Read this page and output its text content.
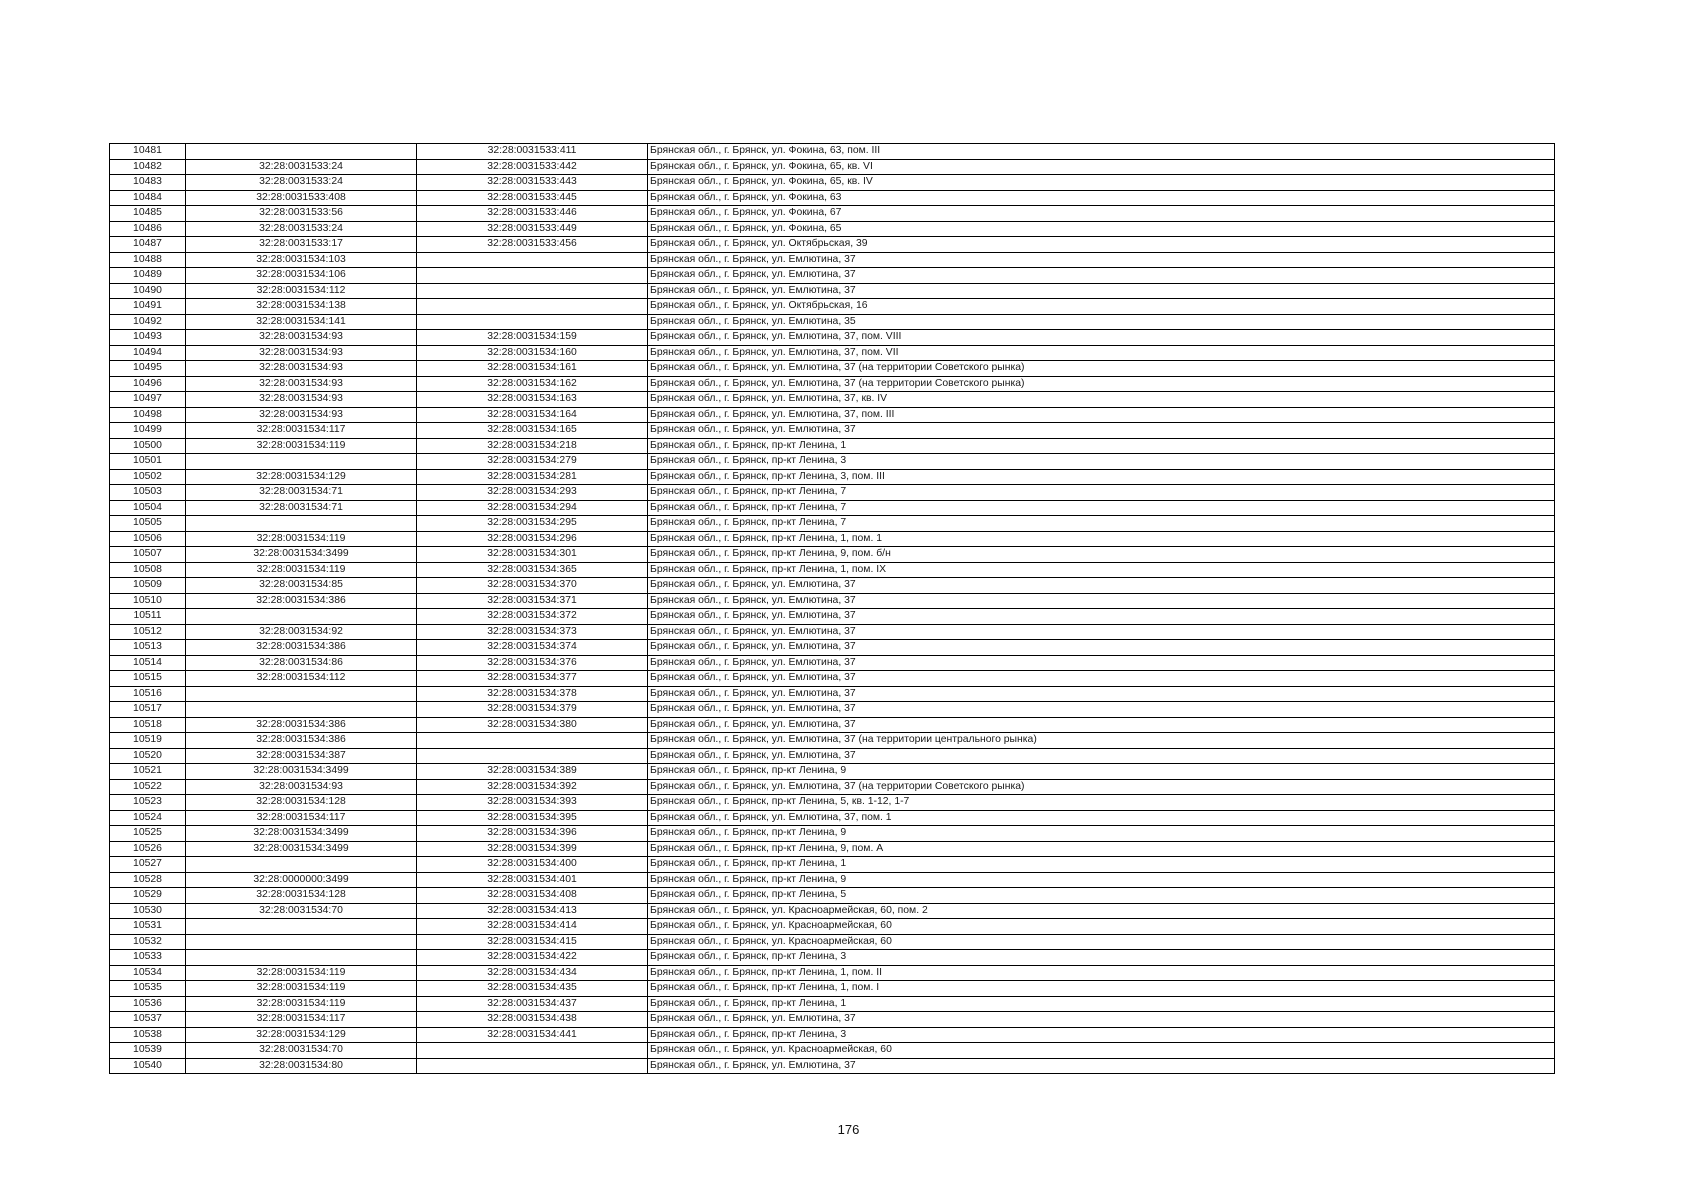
10481		32:28:0031533:411	Брянская обл., г. Брянск, ул. Фокина, 63, пом. III
10482	32:28:0031533:24	32:28:0031533:442	Брянская обл., г. Брянск, ул. Фокина, 65, кв. VI
10483	32:28:0031533:24	32:28:0031533:443	Брянская обл., г. Брянск, ул. Фокина, 65, кв. IV
10484	32:28:0031533:408	32:28:0031533:445	Брянская обл., г. Брянск, ул. Фокина, 63
10485	32:28:0031533:56	32:28:0031533:446	Брянская обл., г. Брянск, ул. Фокина, 67
10486	32:28:0031533:24	32:28:0031533:449	Брянская обл., г. Брянск, ул. Фокина, 65
10487	32:28:0031533:17	32:28:0031533:456	Брянская обл., г. Брянск, ул. Октябрьская, 39
10488	32:28:0031534:103		Брянская обл., г. Брянск, ул. Емлютина, 37
10489	32:28:0031534:106		Брянская обл., г. Брянск, ул. Емлютина, 37
10490	32:28:0031534:112		Брянская обл., г. Брянск, ул. Емлютина, 37
10491	32:28:0031534:138		Брянская обл., г. Брянск, ул. Октябрьская, 16
10492	32:28:0031534:141		Брянская обл., г. Брянск, ул. Емлютина, 35
10493	32:28:0031534:93	32:28:0031534:159	Брянская обл., г. Брянск, ул. Емлютина, 37, пом. VIII
10494	32:28:0031534:93	32:28:0031534:160	Брянская обл., г. Брянск, ул. Емлютина, 37, пом. VII
10495	32:28:0031534:93	32:28:0031534:161	Брянская обл., г. Брянск, ул. Емлютина, 37 (на территории Советского рынка)
10496	32:28:0031534:93	32:28:0031534:162	Брянская обл., г. Брянск, ул. Емлютина, 37 (на территории Советского рынка)
10497	32:28:0031534:93	32:28:0031534:163	Брянская обл., г. Брянск, ул. Емлютина, 37, кв. IV
10498	32:28:0031534:93	32:28:0031534:164	Брянская обл., г. Брянск, ул. Емлютина, 37, пом. III
10499	32:28:0031534:117	32:28:0031534:165	Брянская обл., г. Брянск, ул. Емлютина, 37
10500	32:28:0031534:119	32:28:0031534:218	Брянская обл., г. Брянск, пр-кт Ленина, 1
10501		32:28:0031534:279	Брянская обл., г. Брянск, пр-кт Ленина, 3
10502	32:28:0031534:129	32:28:0031534:281	Брянская обл., г. Брянск, пр-кт Ленина, 3, пом. III
10503	32:28:0031534:71	32:28:0031534:293	Брянская обл., г. Брянск, пр-кт Ленина, 7
10504	32:28:0031534:71	32:28:0031534:294	Брянская обл., г. Брянск, пр-кт Ленина, 7
10505		32:28:0031534:295	Брянская обл., г. Брянск, пр-кт Ленина, 7
10506	32:28:0031534:119	32:28:0031534:296	Брянская обл., г. Брянск, пр-кт Ленина, 1, пом. 1
10507	32:28:0031534:3499	32:28:0031534:301	Брянская обл., г. Брянск, пр-кт Ленина, 9, пом. б/н
10508	32:28:0031534:119	32:28:0031534:365	Брянская обл., г. Брянск, пр-кт Ленина, 1, пом. IX
10509	32:28:0031534:85	32:28:0031534:370	Брянская обл., г. Брянск, ул. Емлютина, 37
10510	32:28:0031534:386	32:28:0031534:371	Брянская обл., г. Брянск, ул. Емлютина, 37
10511		32:28:0031534:372	Брянская обл., г. Брянск, ул. Емлютина, 37
10512	32:28:0031534:92	32:28:0031534:373	Брянская обл., г. Брянск, ул. Емлютина, 37
10513	32:28:0031534:386	32:28:0031534:374	Брянская обл., г. Брянск, ул. Емлютина, 37
10514	32:28:0031534:86	32:28:0031534:376	Брянская обл., г. Брянск, ул. Емлютина, 37
10515	32:28:0031534:112	32:28:0031534:377	Брянская обл., г. Брянск, ул. Емлютина, 37
10516		32:28:0031534:378	Брянская обл., г. Брянск, ул. Емлютина, 37
10517		32:28:0031534:379	Брянская обл., г. Брянск, ул. Емлютина, 37
10518	32:28:0031534:386	32:28:0031534:380	Брянская обл., г. Брянск, ул. Емлютина, 37
10519	32:28:0031534:386		Брянская обл., г. Брянск, ул. Емлютина, 37 (на территории центрального рынка)
10520	32:28:0031534:387		Брянская обл., г. Брянск, ул. Емлютина, 37
10521	32:28:0031534:3499	32:28:0031534:389	Брянская обл., г. Брянск, пр-кт Ленина, 9
10522	32:28:0031534:93	32:28:0031534:392	Брянская обл., г. Брянск, ул. Емлютина, 37 (на территории Советского рынка)
10523	32:28:0031534:128	32:28:0031534:393	Брянская обл., г. Брянск, пр-кт Ленина, 5, кв. 1-12, 1-7
10524	32:28:0031534:117	32:28:0031534:395	Брянская обл., г. Брянск, ул. Емлютина, 37, пом. 1
10525	32:28:0031534:3499	32:28:0031534:396	Брянская обл., г. Брянск, пр-кт Ленина, 9
10526	32:28:0031534:3499	32:28:0031534:399	Брянская обл., г. Брянск, пр-кт Ленина, 9, пом. А
10527		32:28:0031534:400	Брянская обл., г. Брянск, пр-кт Ленина, 1
10528	32:28:0000000:3499	32:28:0031534:401	Брянская обл., г. Брянск, пр-кт Ленина, 9
10529	32:28:0031534:128	32:28:0031534:408	Брянская обл., г. Брянск, пр-кт Ленина, 5
10530	32:28:0031534:70	32:28:0031534:413	Брянская обл., г. Брянск, ул. Красноармейская, 60, пом. 2
10531		32:28:0031534:414	Брянская обл., г. Брянск, ул. Красноармейская, 60
10532		32:28:0031534:415	Брянская обл., г. Брянск, ул. Красноармейская, 60
10533		32:28:0031534:422	Брянская обл., г. Брянск, пр-кт Ленина, 3
10534	32:28:0031534:119	32:28:0031534:434	Брянская обл., г. Брянск, пр-кт Ленина, 1, пом. II
10535	32:28:0031534:119	32:28:0031534:435	Брянская обл., г. Брянск, пр-кт Ленина, 1, пом. I
10536	32:28:0031534:119	32:28:0031534:437	Брянская обл., г. Брянск, пр-кт Ленина, 1
10537	32:28:0031534:117	32:28:0031534:438	Брянская обл., г. Брянск, ул. Емлютина, 37
10538	32:28:0031534:129	32:28:0031534:441	Брянская обл., г. Брянск, пр-кт Ленина, 3
10539	32:28:0031534:70		Брянская обл., г. Брянск, ул. Красноармейская, 60
10540	32:28:0031534:80		Брянская обл., г. Брянск, ул. Емлютина, 37
176
